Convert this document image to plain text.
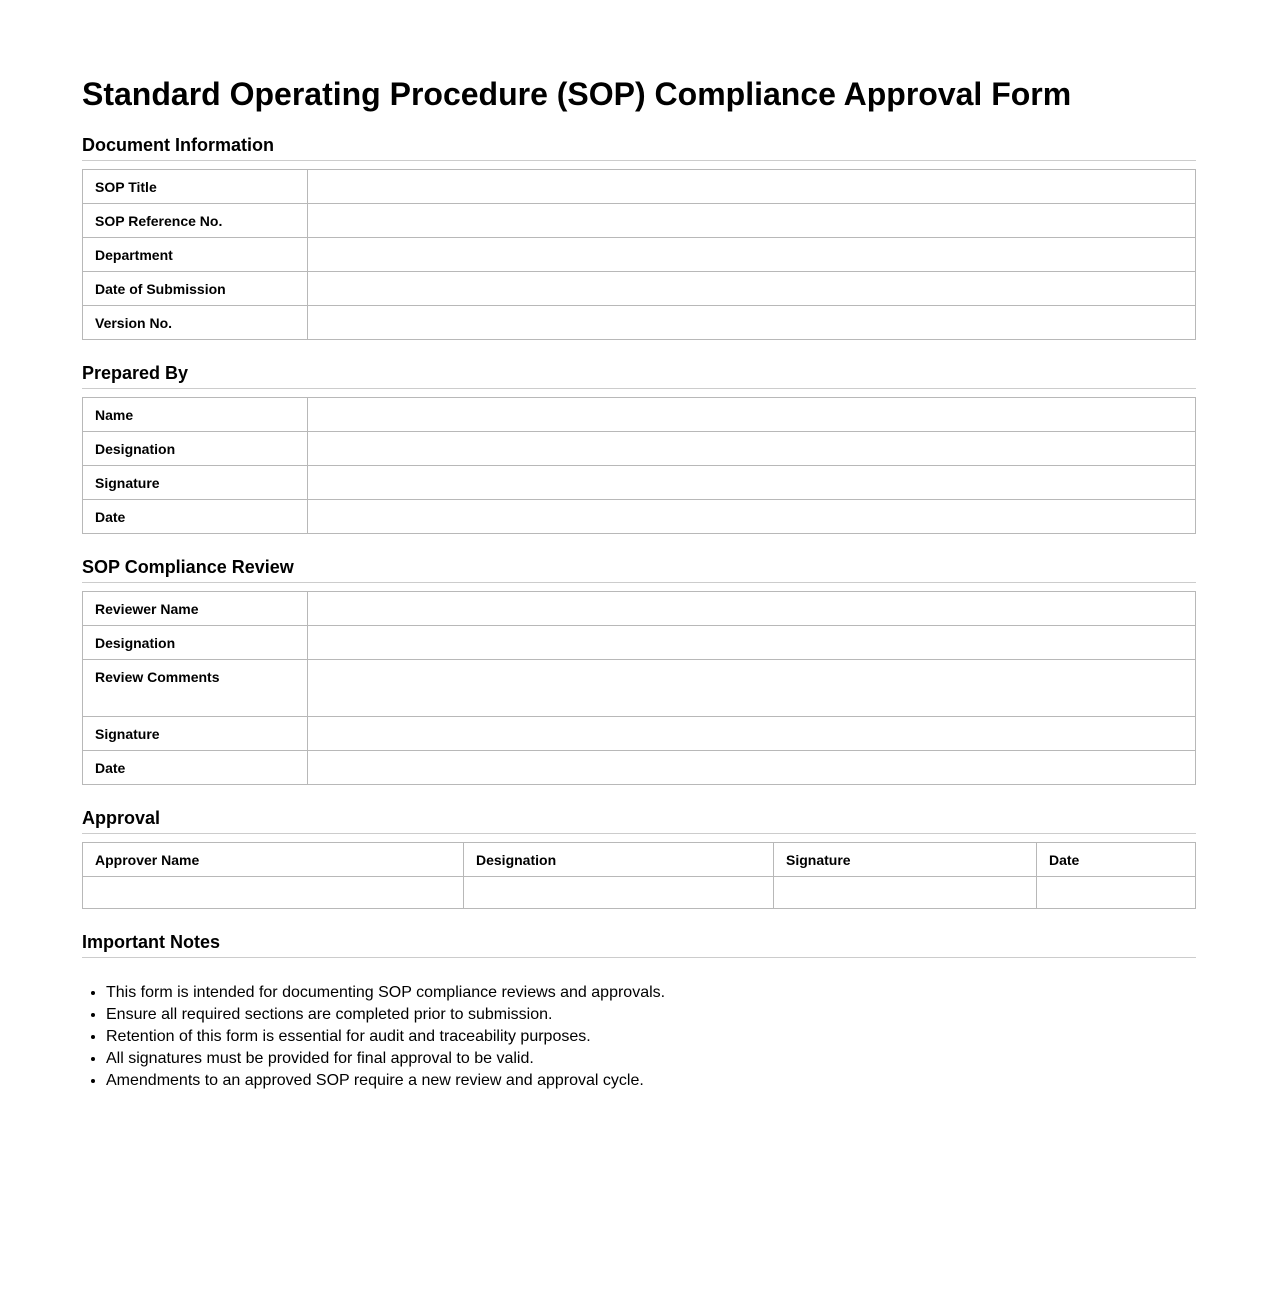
Standard Operating Procedure (SOP) Compliance Approval Form
Document Information
SOP Title	
SOP Reference No.	
Department	
Date of Submission	
Version No.	
Prepared By
Name	
Designation	
Signature	
Date	
SOP Compliance Review
Reviewer Name	
Designation	
Review Comments	
Signature	
Date	
Approval
Approver Name	Designation	Signature	Date

Important Notes
• This form is intended for documenting SOP compliance reviews and approvals.
• Ensure all required sections are completed prior to submission.
• Retention of this form is essential for audit and traceability purposes.
• All signatures must be provided for final approval to be valid.
• Amendments to an approved SOP require a new review and approval cycle.
